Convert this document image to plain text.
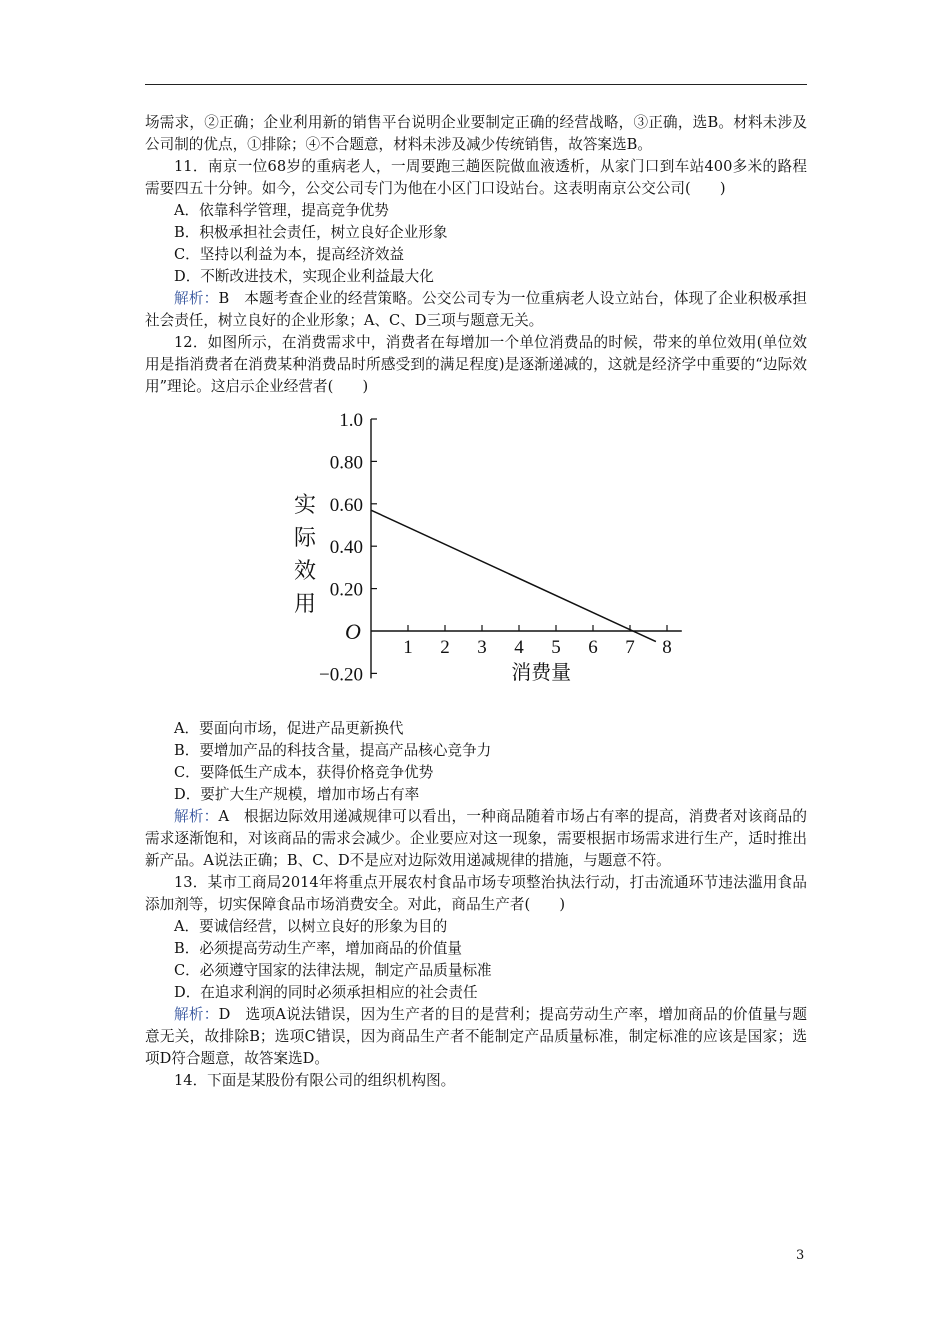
场需求，②正确；企业利用新的销售平台说明企业要制定正确的经营战略，③正确，选B。材料未涉及公司制的优点，①排除；④不合题意，材料未涉及减少传统销售，故答案选B。

11．南京一位68岁的重病老人，一周要跑三趟医院做血液透析，从家门口到车站400多米的路程需要四五十分钟。如今，公交公司专门为他在小区门口设站台。这表明南京公交公司(　　)

A．依靠科学管理，提高竞争优势

B．积极承担社会责任，树立良好企业形象

C．坚持以利益为本，提高经济效益

D．不断改进技术，实现企业利益最大化

解析：B　本题考查企业的经营策略。公交公司专为一位重病老人设立站台，体现了企业积极承担社会责任，树立良好的企业形象；A、C、D三项与题意无关。

12．如图所示，在消费需求中，消费者在每增加一个单位消费品的时候，带来的单位效用(单位效用是指消费者在消费某种消费品时所感受到的满足程度)是逐渐递减的，这就是经济学中重要的“边际效用”理论。这启示企业经营者(　　)

1.0
0.80
0.60
0.40
0.20
−0.20
1 2 3 4 5 6 7 8
O
实
际
效
用
消费量

A．要面向市场，促进产品更新换代

B．要增加产品的科技含量，提高产品核心竞争力

C．要降低生产成本，获得价格竞争优势

D．要扩大生产规模，增加市场占有率

解析：A　根据边际效用递减规律可以看出，一种商品随着市场占有率的提高，消费者对该商品的需求逐渐饱和，对该商品的需求会减少。企业要应对这一现象，需要根据市场需求进行生产，适时推出新产品。A说法正确；B、C、D不是应对边际效用递减规律的措施，与题意不符。

13．某市工商局2014年将重点开展农村食品市场专项整治执法行动，打击流通环节违法滥用食品添加剂等，切实保障食品市场消费安全。对此，商品生产者(　　)

A．要诚信经营，以树立良好的形象为目的

B．必须提高劳动生产率，增加商品的价值量

C．必须遵守国家的法律法规，制定产品质量标准

D．在追求利润的同时必须承担相应的社会责任

解析：D　选项A说法错误，因为生产者的目的是营利；提高劳动生产率，增加商品的价值量与题意无关，故排除B；选项C错误，因为商品生产者不能制定产品质量标准，制定标准的应该是国家；选项D符合题意，故答案选D。

14．下面是某股份有限公司的组织机构图。

3
